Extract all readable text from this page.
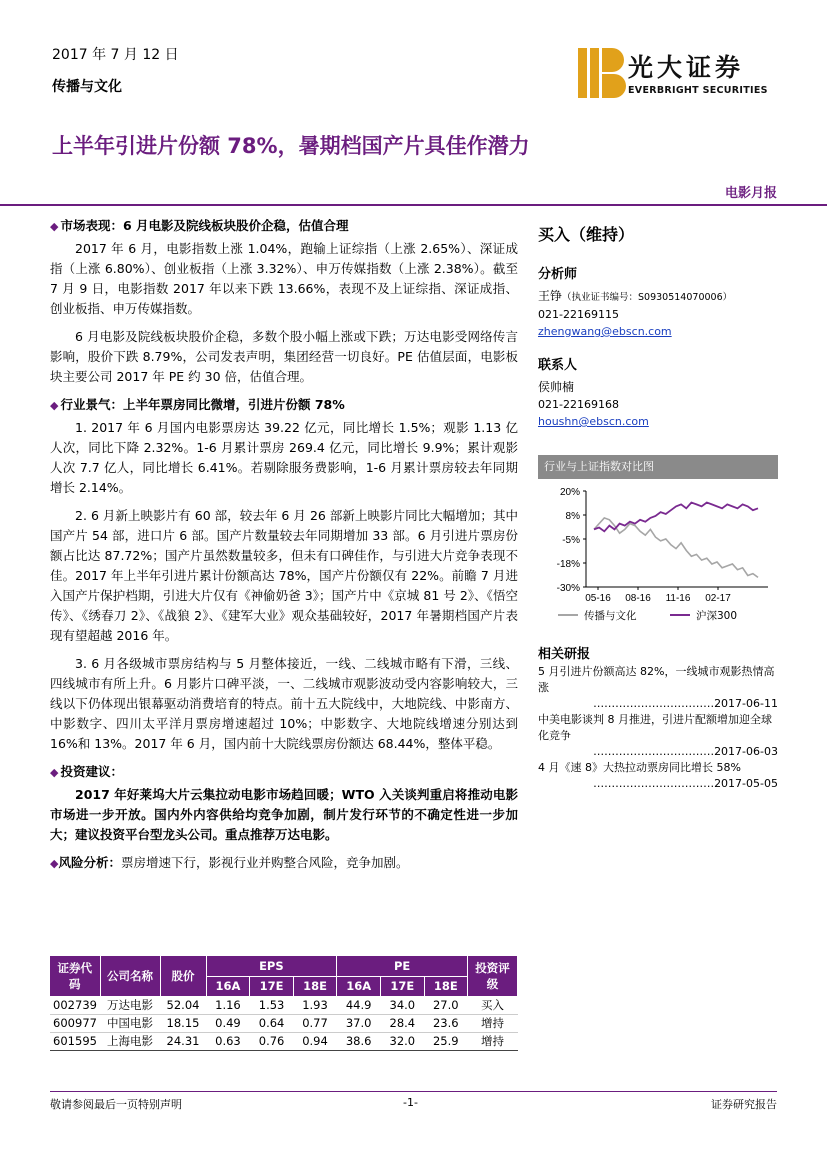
2017 年 7 月 12 日
传播与文化
光大证券
EVERBRIGHT SECURITIES
上半年引进片份额 78%，暑期档国产片具佳作潜力
电影月报
◆ 市场表现：6 月电影及院线板块股价企稳，估值合理

2017 年 6 月，电影指数上涨 1.04%，跑输上证综指（上涨 2.65%）、深证成指（上涨 6.80%）、创业板指（上涨 3.32%）、申万传媒指数（上涨 2.38%）。截至 7 月 9 日，电影指数 2017 年以来下跌 13.66%，表现不及上证综指、深证成指、创业板指、申万传媒指数。

6 月电影及院线板块股价企稳，多数个股小幅上涨或下跌；万达电影受网络传言影响，股价下跌 8.79%，公司发表声明，集团经营一切良好。PE 估值层面，电影板块主要公司 2017 年 PE 约 30 倍，估值合理。

◆ 行业景气：上半年票房同比微增，引进片份额 78%

1. 2017 年 6 月国内电影票房达 39.22 亿元，同比增长 1.5%；观影 1.13 亿人次，同比下降 2.32%。1-6 月累计票房 269.4 亿元，同比增长 9.9%；累计观影人次 7.7 亿人，同比增长 6.41%。若剔除服务费影响，1-6 月累计票房较去年同期增长 2.14%。

2. 6 月新上映影片有 60 部，较去年 6 月 26 部新上映影片同比大幅增加；其中国产片 54 部，进口片 6 部。国产片数量较去年同期增加 33 部。6 月引进片票房份额占比达 87.72%；国产片虽然数量较多，但未有口碑佳作，与引进大片竞争表现不佳。2017 年上半年引进片累计份额高达 78%，国产片份额仅有 22%。前瞻 7 月进入国产片保护档期，引进大片仅有《神偷奶爸 3》；国产片中《京城 81 号 2》、《悟空传》、《绣春刀 2》、《战狼 2》、《建军大业》观众基础较好，2017 年暑期档国产片表现有望超越 2016 年。

3. 6 月各级城市票房结构与 5 月整体接近，一线、二线城市略有下滑，三线、四线城市有所上升。6 月影片口碑平淡，一、二线城市观影波动受内容影响较大，三线以下仍体现出银幕驱动消费培育的特点。前十五大院线中，大地院线、中影南方、中影数字、四川太平洋月票房增速超过 10%；中影数字、大地院线增速分别达到 16%和 13%。2017 年 6 月，国内前十大院线票房份额达 68.44%，整体平稳。

◆ 投资建议：

2017 年好莱坞大片云集拉动电影市场趋回暖；WTO 入关谈判重启将推动电影市场进一步开放。国内外内容供给均竞争加剧，制片发行环节的不确定性进一步加大；建议投资平台型龙头公司。重点推荐万达电影。

◆风险分析：票房增速下行，影视行业并购整合风险，竞争加剧。
证券代码	公司名称	股价	EPS			PE			投资评级
			16A	17E	18E	16A	17E	18E	
002739	万达电影	52.04	1.16	1.53	1.93	44.9	34.0	27.0	买入
600977	中国电影	18.15	0.49	0.64	0.77	37.0	28.4	23.6	增持
601595	上海电影	24.31	0.63	0.76	0.94	38.6	32.0	25.9	增持
买入（维持）
分析师
王铮（执业证书编号：S0930514070006）
021-22169115
zhengwang@ebscn.com
联系人
侯帅楠
021-22169168
houshn@ebscn.com
行业与上证指数对比图
20%
8%
-5%
-18%
-30%
05-16 08-16 11-16 02-17
传播与文化	沪深300
相关研报
5 月引进片份额高达 82%，一线城市观影热情高涨
……………………………2017-06-11
中美电影谈判 8 月推进，引进片配额增加迎全球化竞争
……………………………2017-06-03
4 月《速 8》大热拉动票房同比增长 58%
……………………………2017-05-05
敬请参阅最后一页特别声明	-1-	证券研究报告
